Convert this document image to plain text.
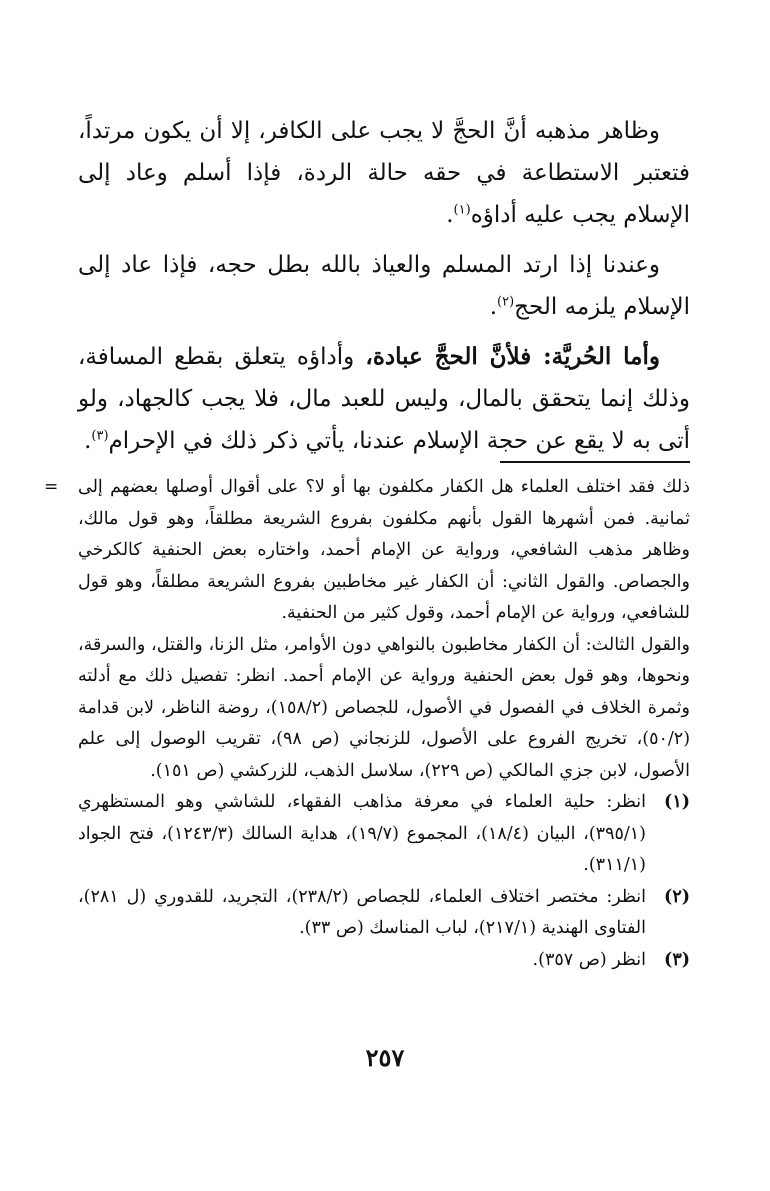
وظاهر مذهبه أنَّ الحجَّ لا يجب على الكافر، إلا أن يكون مرتداً، فتعتبر الاستطاعة في حقه حالة الردة، فإذا أسلم وعاد إلى الإسلام يجب عليه أداؤه$^{(١)}$.

وعندنا إذا ارتد المسلم والعياذ بالله بطل حجه، فإذا عاد إلى الإسلام يلزمه الحج$^{(٢)}$.

وأما الحُريَّة: فلأنَّ الحجَّ عبادة، وأداؤه يتعلق بقطع المسافة، وذلك إنما يتحقق بالمال، وليس للعبد مال، فلا يجب كالجهاد، ولو أتى به لا يقع عن حجة الإسلام عندنا، يأتي ذكر ذلك في الإحرام$^{(٣)}$.

= ذلك فقد اختلف العلماء هل الكفار مكلفون بها أو لا؟ على أقوال أوصلها بعضهم إلى ثمانية. فمن أشهرها القول بأنهم مكلفون بفروع الشريعة مطلقاً، وهو قول مالك، وظاهر مذهب الشافعي، ورواية عن الإمام أحمد، واختاره بعض الحنفية كالكرخي والجصاص. والقول الثاني: أن الكفار غير مخاطبين بفروع الشريعة مطلقاً، وهو قول للشافعي، ورواية عن الإمام أحمد، وقول كثير من الحنفية.

والقول الثالث: أن الكفار مخاطبون بالنواهي دون الأوامر، مثل الزنا، والقتل، والسرقة، ونحوها، وهو قول بعض الحنفية ورواية عن الإمام أحمد. انظر: تفصيل ذلك مع أدلته وثمرة الخلاف في الفصول في الأصول، للجصاص (١٥٨/٢)، روضة الناظر، لابن قدامة (٥٠/٢)، تخريج الفروع على الأصول، للزنجاني (ص ٩٨)، تقريب الوصول إلى علم الأصول، لابن جزي المالكي (ص ٢٢٩)، سلاسل الذهب، للزركشي (ص ١٥١).

(١)
انظر: حلية العلماء في معرفة مذاهب الفقهاء، للشاشي وهو المستظهري (٣٩٥/١)، البيان (١٨/٤)، المجموع (١٩/٧)، هداية السالك (١٢٤٣/٣)، فتح الجواد (٣١١/١).
(٢)
انظر: مختصر اختلاف العلماء، للجصاص (٢٣٨/٢)، التجريد، للقدوري (ل ٢٨١)، الفتاوى الهندية (٢١٧/١)، لباب المناسك (ص ٣٣).
(٣)
انظر (ص ٣٥٧).
٢٥٧
